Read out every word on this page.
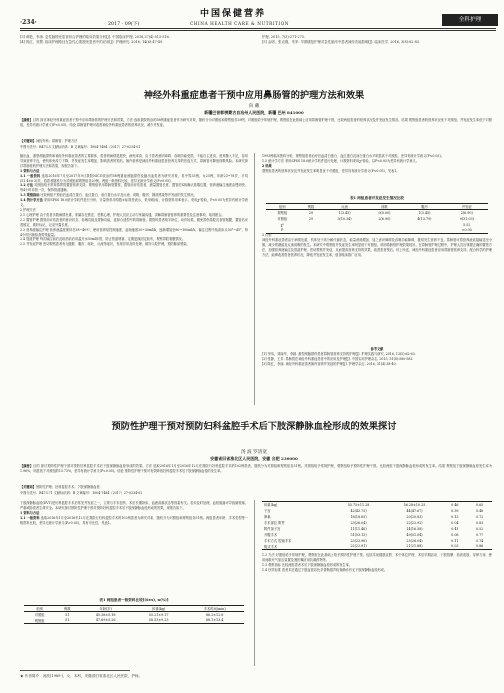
中国保健营养
CHINA HEALTH CARE & NUTRITION
·234·	2017 · 09(下)
全科护理
[3] 黄艳，李涛. 急性脑梗死患者综合护理的临床效果分析[J]. 中国临床护理, 2016,37(4):515-516.
[4] 郭红，刘慧. 临床护理路径在急性心肌梗死患者中的应用[J]. 护理研究, 2016, 14(6):47-49.
护理, 2015, 7(3):271-273.
[5] 金明，张克刚，朱军. 早期康复护理对急性脑卒中患者神经功能影响[J]. 临床医学, 2016, 3(8):82-83.
神经外科重症患者干预中应用鼻肠管的护理方法和效果
向 戴
新疆巴音郭楞蒙古自治州人民医院，新疆 巴州 841000
【摘要】目的 探讨神经外科重症患者干预中应用鼻肠管的护理方法和效果。方法 选取我院收治的58例重症患者作为研究对象，随机分为对照组和观察组各29例，对照组给予常规护理，观察组在此基础上应用鼻肠管护理干预，比较两组患者的营养状况及并发症发生情况。结果 观察组患者的营养状况优于对照组，并发症发生率低于对照组，差异有统计学意义(P<0.05)。结论 鼻肠管护理可改善神经外科重症患者的营养状况，减少并发症。
【关键词】神经外科；鼻肠管；护理方法
中图分类号：R473.5 文献标识码：B 文章编号：1004-7484（2017）27-0234-01

脑出血、重型颅脑损伤和神经外科重症患者的主要群体，患者的病情进展快，病死率高，由于患者意识障碍、吞咽功能受损，不能自主进食，营养摄入不足，容易导致营养不良，使机体免疫力下降，并发症发生率增加，影响患者的预后。肠内营养是神经外科重症患者营养支持的首选方式，鼻肠管可降低误吸风险。本研究探讨鼻肠管的护理方法和效果，现报告如下。

1 资料与方法

1.1 一般资料 选取2016年7月至2017年9月我院NICU收治的58例重症颅脑损伤及脑出血患者为研究对象，其中男33例，女25例，年龄23~78岁，平均(51.4±6.3)岁。将患者随机分为对照组和观察组各29例。两组一般资料比较，差异无统计学意义(P>0.05)。

1.2 方法 对照组给予常规鼻胃管置管营养支持。观察组采用鼻肠管置管，置管前评估患者，测量置管长度，置管后X线确认管端位置，营养液输注速度由慢到快，每4小时冲管一次，保持管道通畅。

1.3 观察指标 比较两组干预前后血清白蛋白、血红蛋白、前白蛋白水平及反流、误吸、腹泻、肺部感染等并发症的发生情况。

1.4 统计学方法 采用SPSS 18.0统计学软件进行分析，计量资料用均数±标准差表示，采用t检验，计数资料用率表示，采用χ²检验，P<0.05为差异有统计学意义。

2 护理方法
2.1 心理护理 由于患者多数病情危重，家属存在焦虑、恐惧心理，护理人员应主动与家属沟通，讲解鼻肠管营养的重要性及注意事项，取得配合。
2.2 置管护理 置管前评估患者的意识状态、吞咽功能及胃肠功能，选择合适型号的鼻肠管。置管时患者取半卧位，动作轻柔，避免损伤鼻腔及食管黏膜，置管后妥善固定，做好标记，记录外露长度。
2.3 营养液输注护理 营养液温度保持在38~40℃，使用营养泵控制速度，起始速度20~30ml/h，逐渐增加至80~100ml/h，输注过程中抬高床头30°~45°，每4小时回抽检查胃残留量。
2.4 管道护理 每次输注前后及给药前后用温开水30ml冲管，防止管道堵塞，定期更换固定胶布，观察鼻腔黏膜情况。
2.5 并发症护理 密切观察患者有无腹胀、腹泻、呕吐、反流等症状，发现异常及时处理，做好口腔护理，预防肺部感染。

1993例临床资料分析，观察组患者治疗后血清白蛋白、血红蛋白及前白蛋白水平明显高于对照组，差异有统计学意义(P<0.05)。

1.5 统计学方法 采用SPSS 18.0统计学软件进行处理，计数资料采用χ²检验，以P<0.05为差异有统计学意义。

2 结果

观察组患者的营养状况及并发症发生率明显优于对照组，差异具有统计学意义(P<0.05)，见表1。

表1 两组患者并发症发生情况比较
组别	例数	反流	误吸	腹泻	并发症
观察组	29	1(3.45)	0(0.00)	1(3.45)	2(6.90)
对照组	29	3(10.34)	2(6.90)	4(13.79)	9(31.03)
χ²					5.52
P					<0.05
3 讨论
神经外科重症患者由于病情危重，机体处于高分解代谢状态，能量消耗增加，加之意识障碍及吞咽功能障碍，极易发生营养不良。鼻肠管可将营养液直接输送至小肠，减少胃潴留及反流误吸的发生。本研究中观察组并发症发生率明显低于对照组，说明鼻肠管护理效果较好。在鼻肠管护理过程中，护理人员应掌握正确的置管方法，加强营养液输注及管道护理，密切观察并发症，从而提高营养支持的效果，改善患者预后。综上所述，神经外科重症患者应用鼻肠管营养支持，配合科学的护理方法，能够改善患者营养状况，降低并发症发生率，值得临床推广应用。

参考文献

[1] 李凤，刘丽华，李颖. 重型颅脑损伤患者鼻肠管营养支持的护理[J]. 护理实践与研究, 2016, 13(5):62-63.

[2] 张静，王芳. 鼻肠管在神经外科重症患者中的应用及护理[J]. 中国实用护理杂志, 2015, 31(8):580-582.

[3] 陈红，李丽. 神经外科重症患者肠内营养并发症的护理[J]. 护理学杂志, 2016, 31(4):38-40.

预防性护理干预对预防妇科盆腔手术后下肢深静脉血栓形成的效果探讨
汤 波 罗清宽
安徽省旧省淮北区人民医院，安徽 合肥 230000
【摘要】目的 探讨预防性护理干预对预防妇科盆腔手术后下肢深静脉血栓形成的效果。方法 选取2016年1月至2016年12月在我院行妇科盆腔手术的102例患者，随机分为对照组和观察组各51例。对照组给予常规护理，观察组给予预防性护理干预。比较两组下肢深静脉血栓形成的发生率。结果 观察组下肢深静脉血栓发生率为1.96%，明显低于对照组的13.73%，差异有统计学意义(P<0.05)。结论 预防性护理干预可有效降低妇科盆腔手术后下肢深静脉血栓的发生率。
【关键词】预防性护理；妇科盆腔手术；下肢深静脉血栓
中图分类号：R473.71 文献标识码：B 文章编号：1004-7484（2017）27-0234-02

下肢深静脉血栓(DVT)是妇科盆腔手术后常见并发症之一，主要与手术创伤、术后长期卧床、血液高凝状态等因素有关。若未及时处理，血栓脱落可导致肺栓塞，严重威胁患者生命安全。本研究探讨预防性护理干预对预防妇科盆腔手术后下肢深静脉血栓形成的效果，现报告如下。

1 资料与方法

1.1 一般资料 选取2016年1月至2016年12月在我院行妇科盆腔手术的102例患者为研究对象，随机分为对照组和观察组各51例。两组患者年龄、手术类型等一般资料比较，差异无统计学意义(P>0.05)，具有可比性，见表1。

表1 两组患者一般资料比较[(x̄±s), n(%)]
组别	例数	年龄(岁)	体重(kg)	手术时间(min)
对照组	51	45.38±5.18	55.21±9.17	86.2±12.8
观察组	51	47.69±5.26	58.53±9.23	88.1±13.4
体重(kg)	55.75±11.28	56.28±10.25	0.46	0.65
子宫	42(43.75)	44(47.67)	0.39	0.48
卵巢	18(18.85)	20(20.83)	0.13	0.72
手术部位 附件	23(26.04)	22(22.92)	0.04	0.83
附件加子宫	11(11.46)	14(16.58)	0.41	0.52
开腹手术	51(53.13)	49(51.04)	0.08	0.77
手术方式 腔镜手术	23(23.96)	25(26.04)	0.11	0.74
阴式手术	22(22.91)	21(21.88)	0.03	0.86
1.2 方法 对照组给予常规护理，观察组在此基础上给予预防性护理干预，包括术前健康宣教、术中体位护理、术后早期活动、下肢按摩、抬高患肢、穿弹力袜、使用间歇充气加压装置及遵医嘱应用抗凝药物等。
1.3 观察指标 比较两组患者术后下肢深静脉血栓形成的发生率。
1.4 疗效标准 患者术后通过下肢血管彩色多普勒超声检查确诊有无下肢深静脉血栓形成。
★ 作者简介：汤波(1989-)，女，本科，安徽省旧省淮北区人民医院，护师。
